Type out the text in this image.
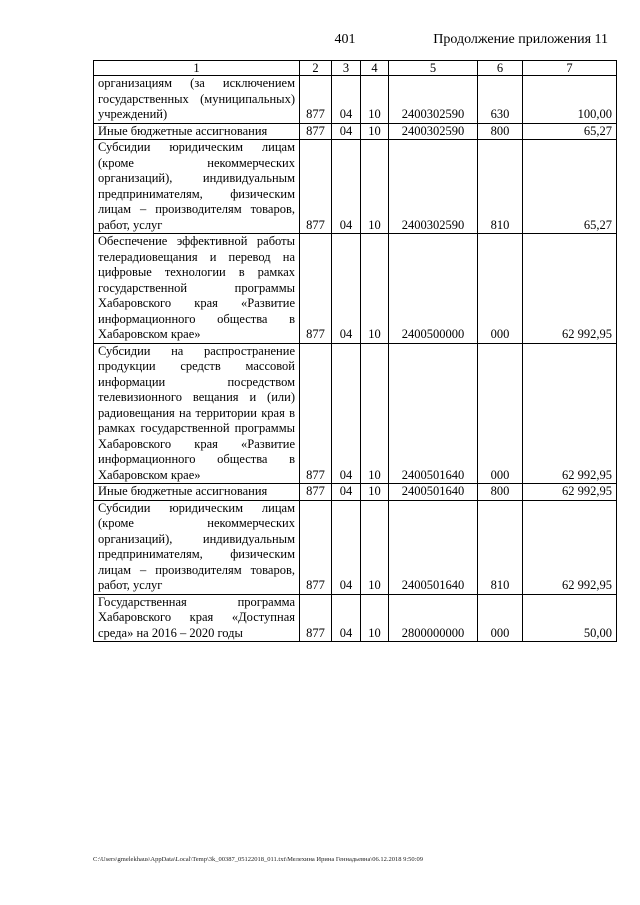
401	Продолжение приложения 11
1	2	3	4	5	6	7
организациям (за исключением государственных (муниципальных) учреждений)	877	04	10	2400302590	630	100,00
Иные бюджетные ассигнования	877	04	10	2400302590	800	65,27
Субсидии юридическим лицам (кроме некоммерческих организаций), индивидуальным предпринимателям, физическим лицам – производителям товаров, работ, услуг	877	04	10	2400302590	810	65,27
Обеспечение эффективной работы телерадиовещания и перевод на цифровые технологии в рамках государственной программы Хабаровского края «Развитие информационного общества в Хабаровском крае»	877	04	10	2400500000	000	62 992,95
Субсидии на распространение продукции средств массовой информации посредством телевизионного вещания и (или) радиовещания на территории края в рамках государственной программы Хабаровского края «Развитие информационного общества в Хабаровском крае»	877	04	10	2400501640	000	62 992,95
Иные бюджетные ассигнования	877	04	10	2400501640	800	62 992,95
Субсидии юридическим лицам (кроме некоммерческих организаций), индивидуальным предпринимателям, физическим лицам – производителям товаров, работ, услуг	877	04	10	2400501640	810	62 992,95
Государственная программа Хабаровского края «Доступная среда» на 2016 – 2020 годы	877	04	10	2800000000	000	50,00
C:\Users\gmelekhaus\AppData\Local\Temp\3k_00387_05122018_011.txt\Мелехина Ирина Геннадьевна\06.12.2018 9:50:09
